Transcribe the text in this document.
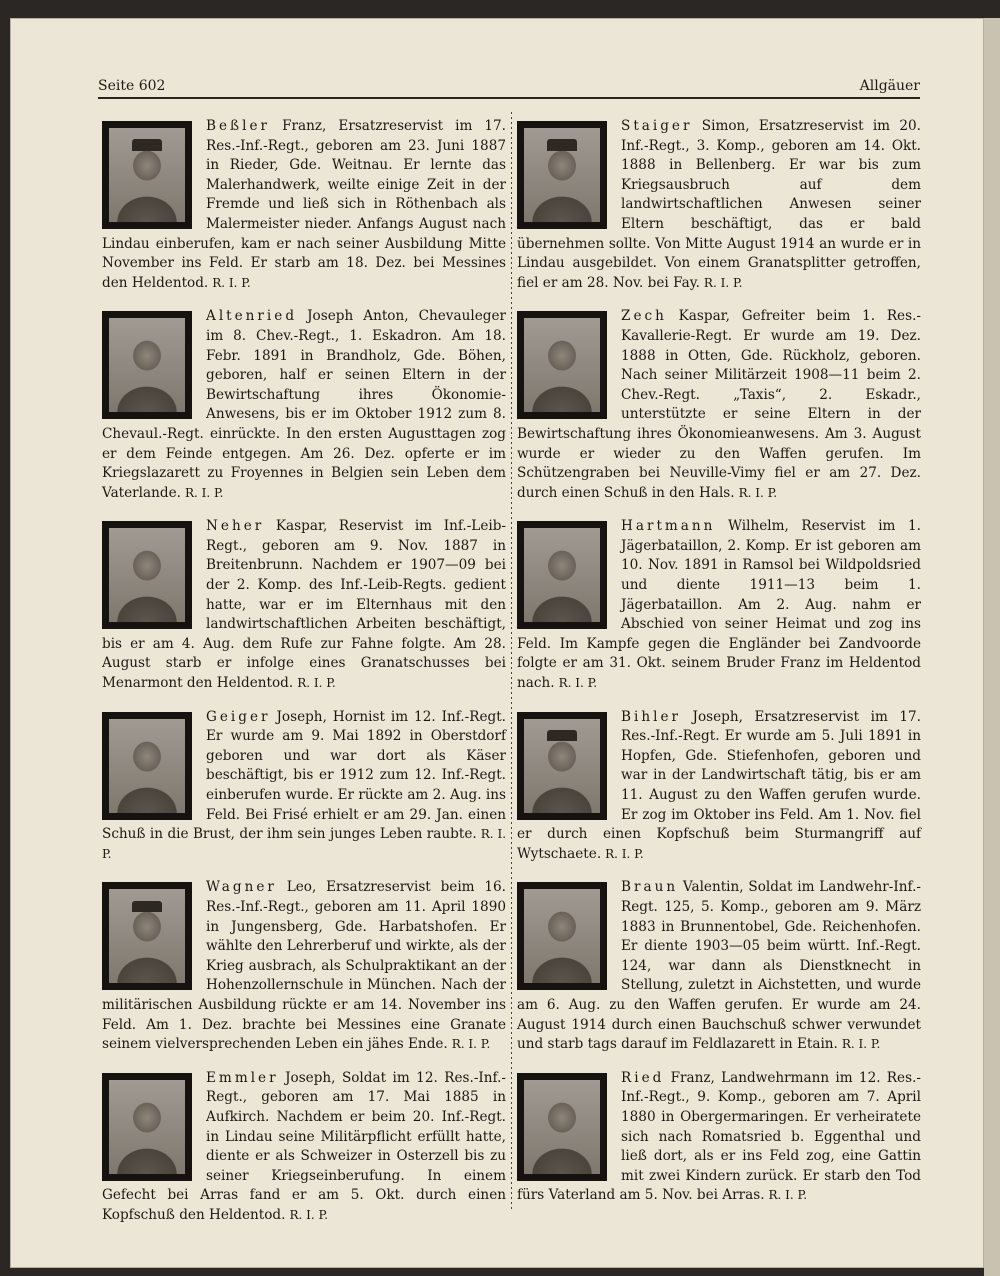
Seite 602	Allgäuer
Beßler Franz, Ersatzreservist im 17. Res.-Inf.-Regt., geboren am 23. Juni 1887 in Rieder, Gde. Weitnau. Er lernte das Malerhandwerk, weilte einige Zeit in der Fremde und ließ sich in Röthenbach als Malermeister nieder. Anfangs August nach Lindau einberufen, kam er nach seiner Ausbildung Mitte November ins Feld. Er starb am 18. Dez. bei Messines den Heldentod. R. I. P.
Altenried Joseph Anton, Chevauleger im 8. Chev.-Regt., 1. Eskadron. Am 18. Febr. 1891 in Brandholz, Gde. Böhen, geboren, half er seinen Eltern in der Bewirtschaftung ihres Ökonomie-Anwesens, bis er im Oktober 1912 zum 8. Chevaul.-Regt. einrückte. In den ersten Augusttagen zog er dem Feinde entgegen. Am 26. Dez. opferte er im Kriegslazarett zu Froyennes in Belgien sein Leben dem Vaterlande. R. I. P.
Neher Kaspar, Reservist im Inf.-Leib-Regt., geboren am 9. Nov. 1887 in Breitenbrunn. Nachdem er 1907—09 bei der 2. Komp. des Inf.-Leib-Regts. gedient hatte, war er im Elternhaus mit den landwirtschaftlichen Arbeiten beschäftigt, bis er am 4. Aug. dem Rufe zur Fahne folgte. Am 28. August starb er infolge eines Granatschusses bei Menarmont den Heldentod. R. I. P.
Geiger Joseph, Hornist im 12. Inf.-Regt. Er wurde am 9. Mai 1892 in Oberstdorf geboren und war dort als Käser beschäftigt, bis er 1912 zum 12. Inf.-Regt. einberufen wurde. Er rückte am 2. Aug. ins Feld. Bei Frisé erhielt er am 29. Jan. einen Schuß in die Brust, der ihm sein junges Leben raubte. R. I. P.
Wagner Leo, Ersatzreservist beim 16. Res.-Inf.-Regt., geboren am 11. April 1890 in Jungensberg, Gde. Harbatshofen. Er wählte den Lehrerberuf und wirkte, als der Krieg ausbrach, als Schulpraktikant an der Hohenzollernschule in München. Nach der militärischen Ausbildung rückte er am 14. November ins Feld. Am 1. Dez. brachte bei Messines eine Granate seinem vielversprechenden Leben ein jähes Ende. R. I. P.
Emmler Joseph, Soldat im 12. Res.-Inf.-Regt., geboren am 17. Mai 1885 in Aufkirch. Nachdem er beim 20. Inf.-Regt. in Lindau seine Militärpflicht erfüllt hatte, diente er als Schweizer in Osterzell bis zu seiner Kriegseinberufung. In einem Gefecht bei Arras fand er am 5. Okt. durch einen Kopfschuß den Heldentod. R. I. P.
Staiger Simon, Ersatzreservist im 20. Inf.-Regt., 3. Komp., geboren am 14. Okt. 1888 in Bellenberg. Er war bis zum Kriegsausbruch auf dem landwirtschaftlichen Anwesen seiner Eltern beschäftigt, das er bald übernehmen sollte. Von Mitte August 1914 an wurde er in Lindau ausgebildet. Von einem Granatsplitter getroffen, fiel er am 28. Nov. bei Fay. R. I. P.
Zech Kaspar, Gefreiter beim 1. Res.-Kavallerie-Regt. Er wurde am 19. Dez. 1888 in Otten, Gde. Rückholz, geboren. Nach seiner Militärzeit 1908—11 beim 2. Chev.-Regt. „Taxis“, 2. Eskadr., unterstützte er seine Eltern in der Bewirtschaftung ihres Ökonomieanwesens. Am 3. August wurde er wieder zu den Waffen gerufen. Im Schützengraben bei Neuville-Vimy fiel er am 27. Dez. durch einen Schuß in den Hals. R. I. P.
Hartmann Wilhelm, Reservist im 1. Jägerbataillon, 2. Komp. Er ist geboren am 10. Nov. 1891 in Ramsol bei Wildpoldsried und diente 1911—13 beim 1. Jägerbataillon. Am 2. Aug. nahm er Abschied von seiner Heimat und zog ins Feld. Im Kampfe gegen die Engländer bei Zandvoorde folgte er am 31. Okt. seinem Bruder Franz im Heldentod nach. R. I. P.
Bihler Joseph, Ersatzreservist im 17. Res.-Inf.-Regt. Er wurde am 5. Juli 1891 in Hopfen, Gde. Stiefenhofen, geboren und war in der Landwirtschaft tätig, bis er am 11. August zu den Waffen gerufen wurde. Er zog im Oktober ins Feld. Am 1. Nov. fiel er durch einen Kopfschuß beim Sturmangriff auf Wytschaete. R. I. P.
Braun Valentin, Soldat im Landwehr-Inf.-Regt. 125, 5. Komp., geboren am 9. März 1883 in Brunnentobel, Gde. Reichenhofen. Er diente 1903—05 beim württ. Inf.-Regt. 124, war dann als Dienstknecht in Stellung, zuletzt in Aichstetten, und wurde am 6. Aug. zu den Waffen gerufen. Er wurde am 24. August 1914 durch einen Bauchschuß schwer verwundet und starb tags darauf im Feldlazarett in Etain. R. I. P.
Ried Franz, Landwehrmann im 12. Res.-Inf.-Regt., 9. Komp., geboren am 7. April 1880 in Obergermaringen. Er verheiratete sich nach Romatsried b. Eggenthal und ließ dort, als er ins Feld zog, eine Gattin mit zwei Kindern zurück. Er starb den Tod fürs Vaterland am 5. Nov. bei Arras. R. I. P.
